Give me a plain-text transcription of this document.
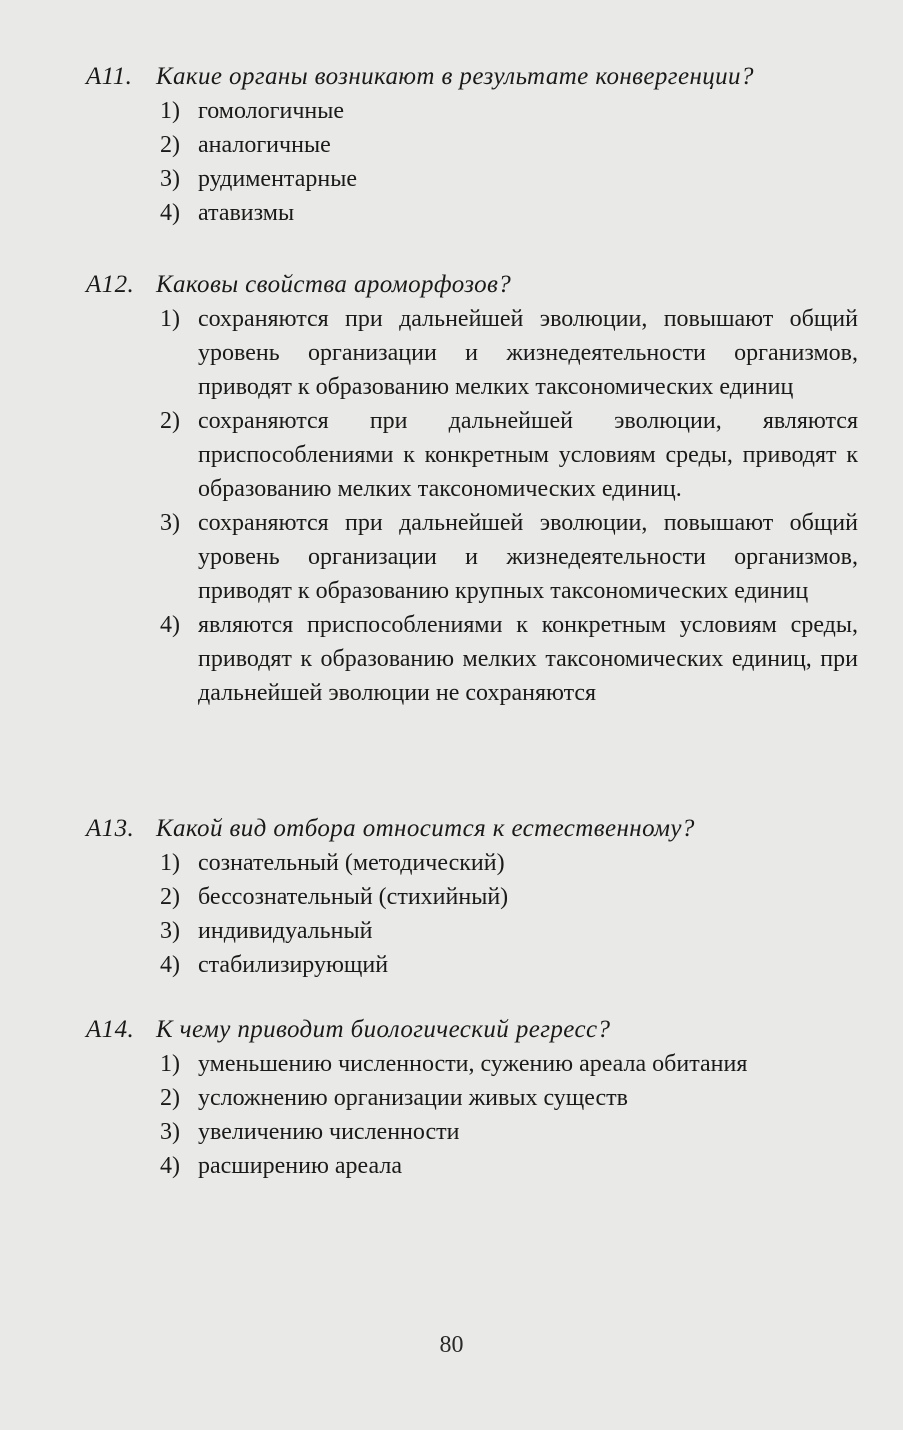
A11. Какие органы возникают в результате конвергенции?

1) гомологичные
2) аналогичные
3) рудиментарные
4) атавизмы

A12. Каковы свойства ароморфозов?

1) сохраняются при дальнейшей эволюции, повышают общий уровень организации и жизнедеятельности организмов, приводят к образованию мелких таксономических единиц
2) сохраняются при дальнейшей эволюции, являются приспособлениями к конкретным условиям среды, приводят к образованию мелких таксономических единиц.
3) сохраняются при дальнейшей эволюции, повышают общий уровень организации и жизнедеятельности организмов, приводят к образованию крупных таксономических единиц
4) являются приспособлениями к конкретным условиям среды, приводят к образованию мелких таксономических единиц, при дальнейшей эволюции не сохраняются

A13. Какой вид отбора относится к естественному?

1) сознательный (методический)
2) бессознательный (стихийный)
3) индивидуальный
4) стабилизирующий

A14. К чему приводит биологический регресс?

1) уменьшению численности, сужению ареала обитания
2) усложнению организации живых существ
3) увеличению численности
4) расширению ареала
80
